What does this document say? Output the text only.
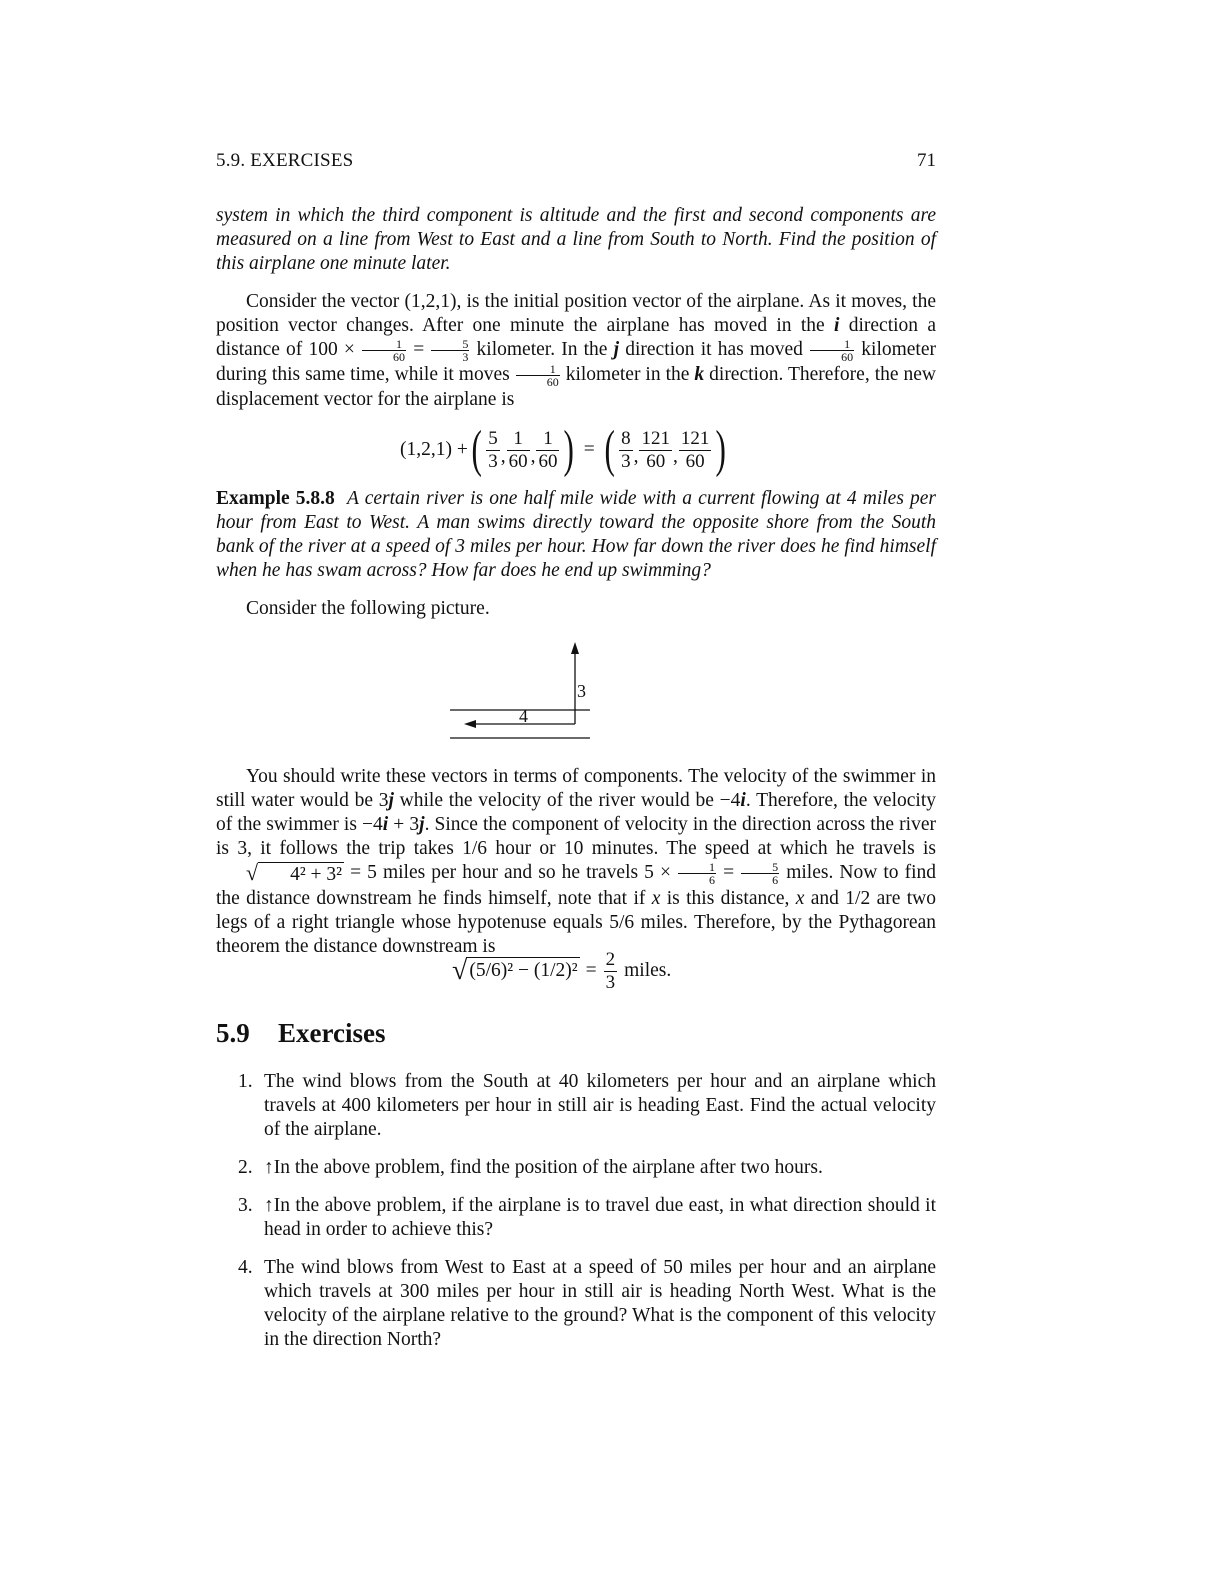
5.9. EXERCISES	71
system in which the third component is altitude and the first and second components are measured on a line from West to East and a line from South to North. Find the position of this airplane one minute later.
Consider the vector (1,2,1), is the initial position vector of the airplane. As it moves, the position vector changes. After one minute the airplane has moved in the i direction a distance of $100 \times \frac{1}{60} = \frac{5}{3}$ kilometer. In the j direction it has moved $\frac{1}{60}$ kilometer during this same time, while it moves $\frac{1}{60}$ kilometer in the k direction. Therefore, the new displacement vector for the airplane is
(1,2,1) + ( $\frac{5}{3}$ , $\frac{1}{60}$ , $\frac{1}{60}$ ) = ( $\frac{8}{3}$ , $\frac{121}{60}$ , $\frac{121}{60}$ )
Example 5.8.8 A certain river is one half mile wide with a current flowing at 4 miles per hour from East to West. A man swims directly toward the opposite shore from the South bank of the river at a speed of 3 miles per hour. How far down the river does he find himself when he has swam across? How far does he end up swimming?
Consider the following picture.
3
4
You should write these vectors in terms of components. The velocity of the swimmer in still water would be 3j while the velocity of the river would be −4i. Therefore, the velocity of the swimmer is −4i + 3j. Since the component of velocity in the direction across the river is 3, it follows the trip takes 1/6 hour or 10 minutes. The speed at which he travels is
√	4² + 3² = 5 miles per hour and so he travels $5 \times \frac{1}{6} = \frac{5}{6}$ miles. Now to find the distance downstream he finds himself, note that if x is this distance, x and 1/2 are two legs of a right triangle whose hypotenuse equals 5/6 miles. Therefore, by the Pythagorean theorem the distance downstream is
√ $(5/6)^2 - (1/2)^2 = \frac{2}{3}$ miles.
5.9 Exercises
1. The wind blows from the South at 40 kilometers per hour and an airplane which travels at 400 kilometers per hour in still air is heading East. Find the actual velocity of the airplane.
2. ↑In the above problem, find the position of the airplane after two hours.
3. ↑In the above problem, if the airplane is to travel due east, in what direction should it head in order to achieve this?
4. The wind blows from West to East at a speed of 50 miles per hour and an airplane which travels at 300 miles per hour in still air is heading North West. What is the velocity of the airplane relative to the ground? What is the component of this velocity in the direction North?
